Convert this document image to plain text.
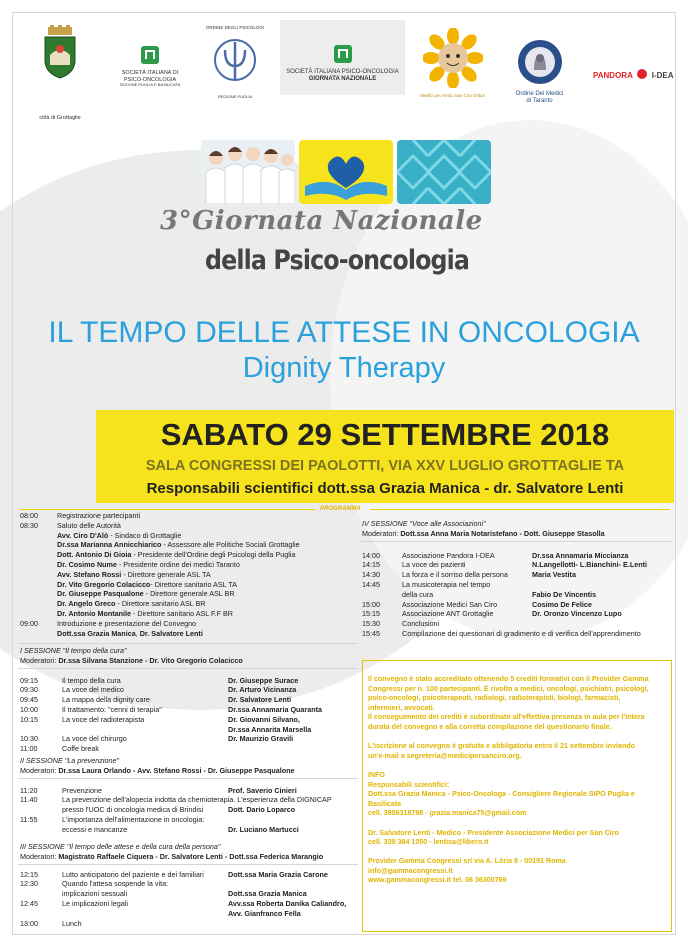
città di Grottaglie
SOCIETÀ ITALIANA DI PSICO-ONCOLOGIA
SEZIONE PUGLIA E BASILICATA
ORDINE DEGLI PSICOLOGI
REGIONE PUGLIA
SOCIETÀ ITALIANA PSICO-ONCOLOGIA
GIORNATA NAZIONALE
Medici per Amici San Ciro Onlus	Ordine Dei Medici
di Taranto
PANDORA I-DEA
3°Giornata Nazionale
della Psico-oncologia
IL TEMPO DELLE ATTESE IN ONCOLOGIA
Dignity Therapy
SABATO 29 SETTEMBRE 2018
SALA CONGRESSI DEI PAOLOTTI, VIA XXV LUGLIO GROTTAGLIE TA
Responsabili scientifici dott.ssa Grazia Manica - dr. Salvatore Lenti
PROGRAMMA
08:00	Registrazione partecipanti
08:30	Saluto delle Autorità
Avv. Ciro D'Alò - Sindaco di Grottaglie
Dr.ssa Marianna Annicchiarico - Assessore alle Politiche Sociali Grottaglie
Dott. Antonio Di Gioia - Presidente dell'Ordine degli Psicologi della Puglia
Dr. Cosimo Nume - Presidente ordine dei medici Taranto
Avv. Stefano Rossi - Direttore generale ASL TA
Dr. Vito Gregorio Colacicco- Direttore sanitario ASL TA
Dr. Giuseppe Pasqualone - Direttore generale ASL BR
Dr. Angelo Greco - Direttore sanitario ASL BR
Dr. Antonio Montanile - Direttore sanitario ASL F.F BR
09:00	Introduzione e presentazione del Convegno
Dott.ssa Grazia Manica, Dr. Salvatore Lenti
IV SESSIONE "Voce alle Associazioni"
Moderatori: Dott.ssa Anna Maria Notaristefano - Dott. Giuseppe Stasolla
14:00	Associazione Pandora I-DEA	Dr.ssa Annamaria Miccianza
14:15	La voce dei pazienti	N.Langellotti- L.Bianchini- E.Lenti
14:30	La forza e il sorriso della persona	Maria Vestita
14:45	La musicoterapia nel tempo
della cura	Fabio De Vincentis
15:00	Associazione Medici San Ciro	Cosimo De Felice
15:15	Associazione ANT Grottaglie	Dr. Oronzo Vincenzo Lupo
15:30	Conclusioni
15:45	Compilazione dei questionari di gradimento e di verifica dell'apprendimento
I SESSIONE "Il tempo della cura"
Moderatori: Dr.ssa Silvana Stanzione - Dr. Vito Gregorio Colacicco
09:15	Il tempo della cura	Dr. Giuseppe Surace
09:30	La voce del medico	Dr. Arturo Vicinanza
09:45	La mappa della dignity care	Dr. Salvatore Lenti
10:00	Il trattamento: "cenni di terapia"	Dr.ssa Annamaria Quaranta
10:15	La voce del radioterapista	Dr. Giovanni Silvano,
Dr.ssa Annarita Marsella
10:30	La voce del chirurgo	Dr. Maurizio Gravili
11:00	Coffe break
II SESSIONE "La prevenzione"
Moderatori: Dr.ssa Laura Orlando - Avv. Stefano Rossi - Dr. Giuseppe Pasqualone
11:20	Prevenzione	Prof. Saverio Cinieri
11.40	La prevenzione dell'alopecia indotta da chemioterapia. L'esperienza della DIGNICAP
presso l'UOC di oncologia medica di Brindisi	Dott. Dario Loparco
11:55	L'importanza dell'alimentazione in oncologia:
eccessi e mancanze	Dr. Luciano Martucci
III SESSIONE "Il tempo delle attese e della cura della persona"
Moderatori: Magistrato Raffaele Ciquera - Dr. Salvatore Lenti - Dott.ssa Federica Marangio
12:15	Lutto anticipatorio del paziente e dei familiari	Dott.ssa Maria Grazia Carone
12:30	Quando l'attesa sospende la vita:
implicazioni sessuali	Dott.ssa Grazia Manica
12:45	Le implicazioni legali	Avv.ssa Roberta Danika Caliandro,
Avv. Gianfranco Fella
13:00	Lunch
Il convegno è stato accreditato ottenendo 5 crediti formativi con il Provider Gamma
Congressi per n. 100 partecipanti. È rivolto a medici, oncologi, psichiatri, psicologi,
psico-oncologi, psicoterapeuti, radiologi, radioterapisti, biologi, farmacisti,
infermieri, avvocati.
Il conseguimento dei crediti è subordinato all'effettiva presenza in aula per l'intera
durata del convegno e alla corretta compilazione del questionario finale.
L'iscrizione al convegno è gratuita e obbligatoria entro il 21 settembre inviando
un'e-mail a segreteria@medicipersanciro.org.
INFO
Responsabili scientifici:
Dott.ssa Grazia Manica - Psico-Oncologa - Consigliere Regionale SIPO Puglia e
Basilicata
cell. 3806318798 - grazia.manica75@gmail.com
Dr. Salvatore Lenti - Medico - Presidente Associazione Medici per San Ciro
cell. 339 384 1050 - lentisa@libero.it
Provider Gamma Congressi srl via A. Lòria 8 - 00191 Roma
info@gammacongressi.it
www.gammacongressi.it tel. 06 36300769
